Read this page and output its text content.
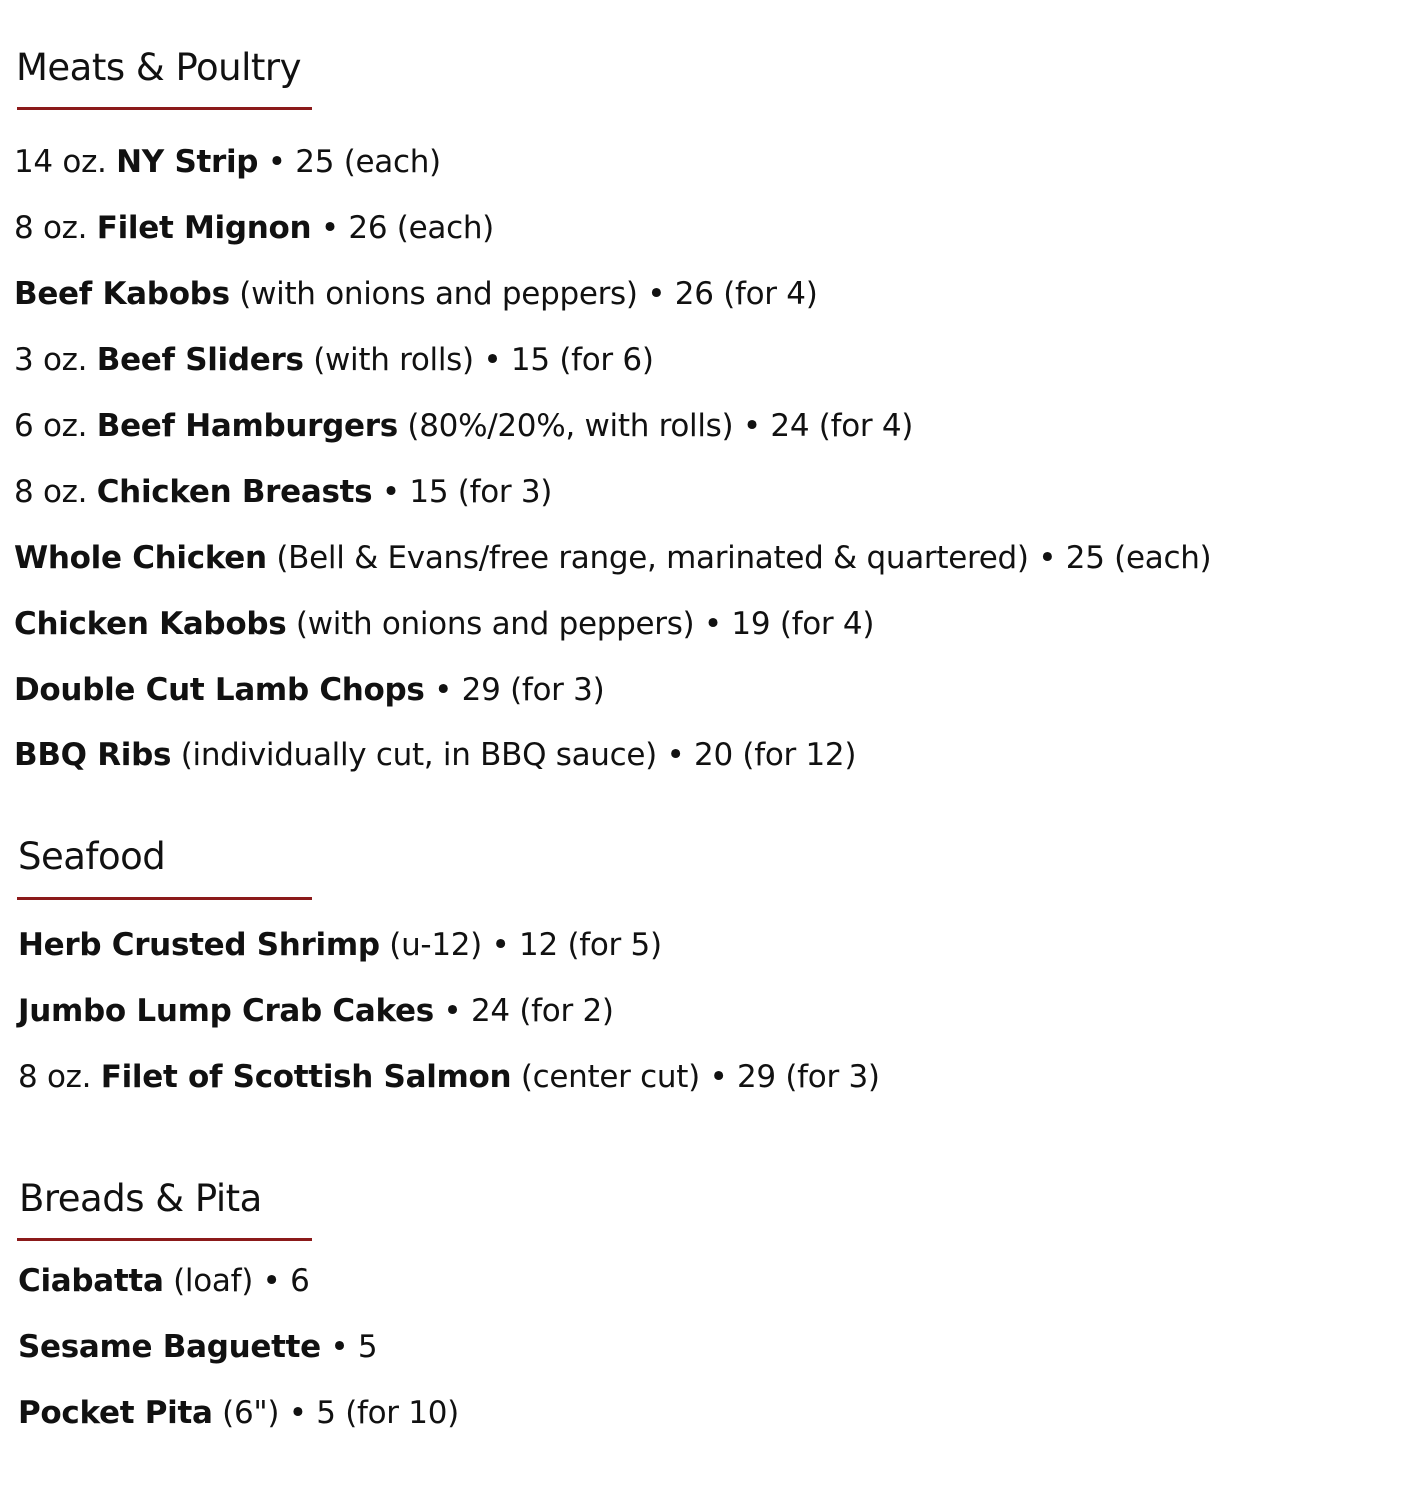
Meats & Poultry

14 oz. NY Strip • 25 (each)

8 oz. Filet Mignon • 26 (each)

Beef Kabobs (with onions and peppers) • 26 (for 4)

3 oz. Beef Sliders (with rolls) • 15 (for 6)

6 oz. Beef Hamburgers (80%/20%, with rolls) • 24 (for 4)

8 oz. Chicken Breasts • 15 (for 3)

Whole Chicken (Bell & Evans/free range, marinated & quartered) • 25 (each)

Chicken Kabobs (with onions and peppers) • 19 (for 4)

Double Cut Lamb Chops • 29 (for 3)

BBQ Ribs (individually cut, in BBQ sauce) • 20 (for 12)

Seafood

Herb Crusted Shrimp (u-12) • 12 (for 5)

Jumbo Lump Crab Cakes • 24 (for 2)

8 oz. Filet of Scottish Salmon (center cut) • 29 (for 3)

Breads & Pita

Ciabatta (loaf) • 6

Sesame Baguette • 5

Pocket Pita (6") • 5 (for 10)
